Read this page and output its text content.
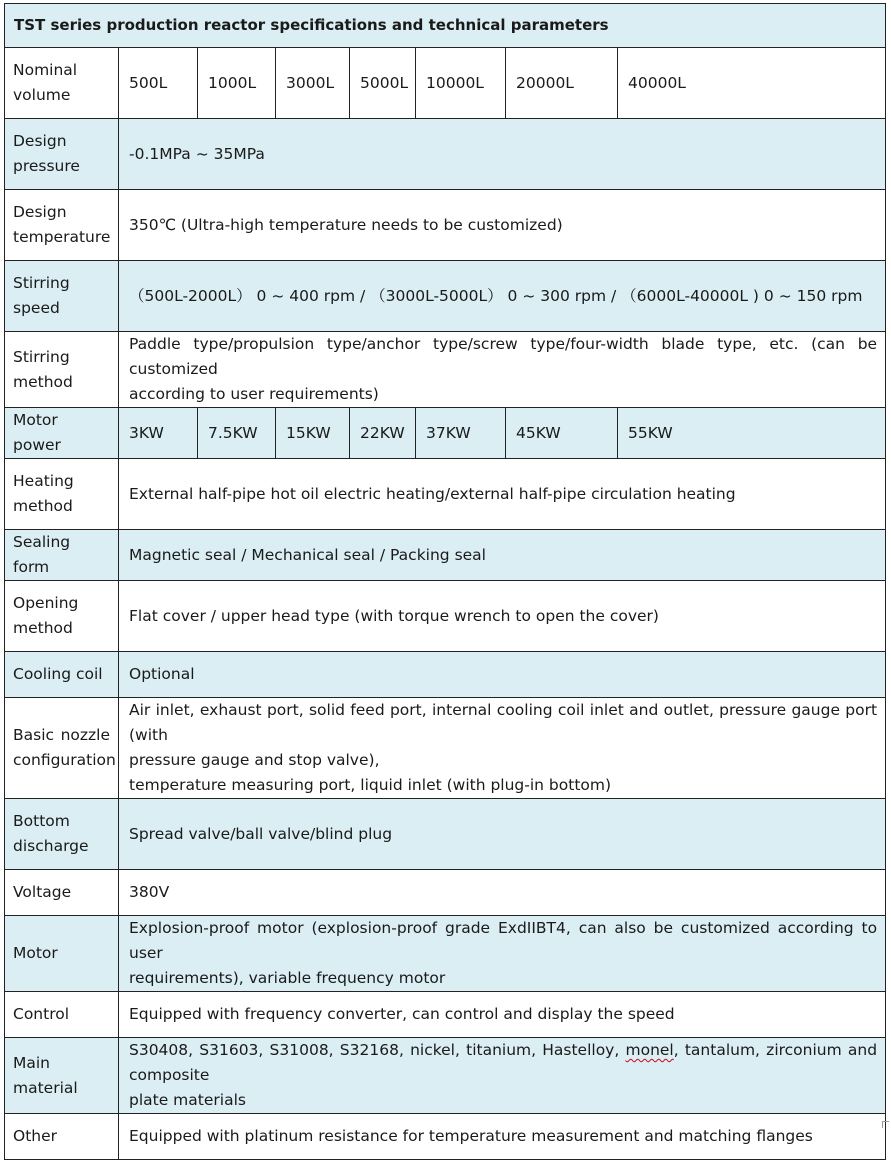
TST series production reactor specifications and technical parameters							
Nominal volume	500L	1000L	3000L	5000L	10000L	20000L	40000L
Design pressure	-0.1MPa ~ 35MPa						
Design temperature	350℃ (Ultra-high temperature needs to be customized)						
Stirring speed	（500L-2000L） 0 ~ 400 rpm / （3000L-5000L） 0 ~ 300 rpm / （6000L-40000L ) 0 ~ 150 rpm						
Stirring method	Paddle type/propulsion type/anchor type/screw type/four-width blade type, etc. (can be customized
according to user requirements)						

Motor power	3KW	7.5KW	15KW	22KW	37KW	45KW	55KW
Heating method	External half-pipe hot oil electric heating/external half-pipe circulation heating						
Sealing form	Magnetic seal / Mechanical seal / Packing seal						
Opening method	Flat cover / upper head type (with torque wrench to open the cover)						
Cooling coil	Optional						

Basic nozzle
configuration	Air inlet, exhaust port, solid feed port, internal cooling coil inlet and outlet, pressure gauge port (with
pressure gauge and stop valve),
temperature measuring port, liquid inlet (with plug-in bottom)						

Bottom discharge	Spread valve/ball valve/blind plug						
Voltage	380V						
Motor	Explosion-proof motor (explosion-proof grade ExdIIBT4, can also be customized according to user
requirements), variable frequency motor						

Control	Equipped with frequency converter, can control and display the speed						
Main material	S30408, S31603, S31008, S32168, nickel, titanium, Hastelloy, monel, tantalum, zirconium and composite
plate materials						

Other	Equipped with platinum resistance for temperature measurement and matching flanges						
